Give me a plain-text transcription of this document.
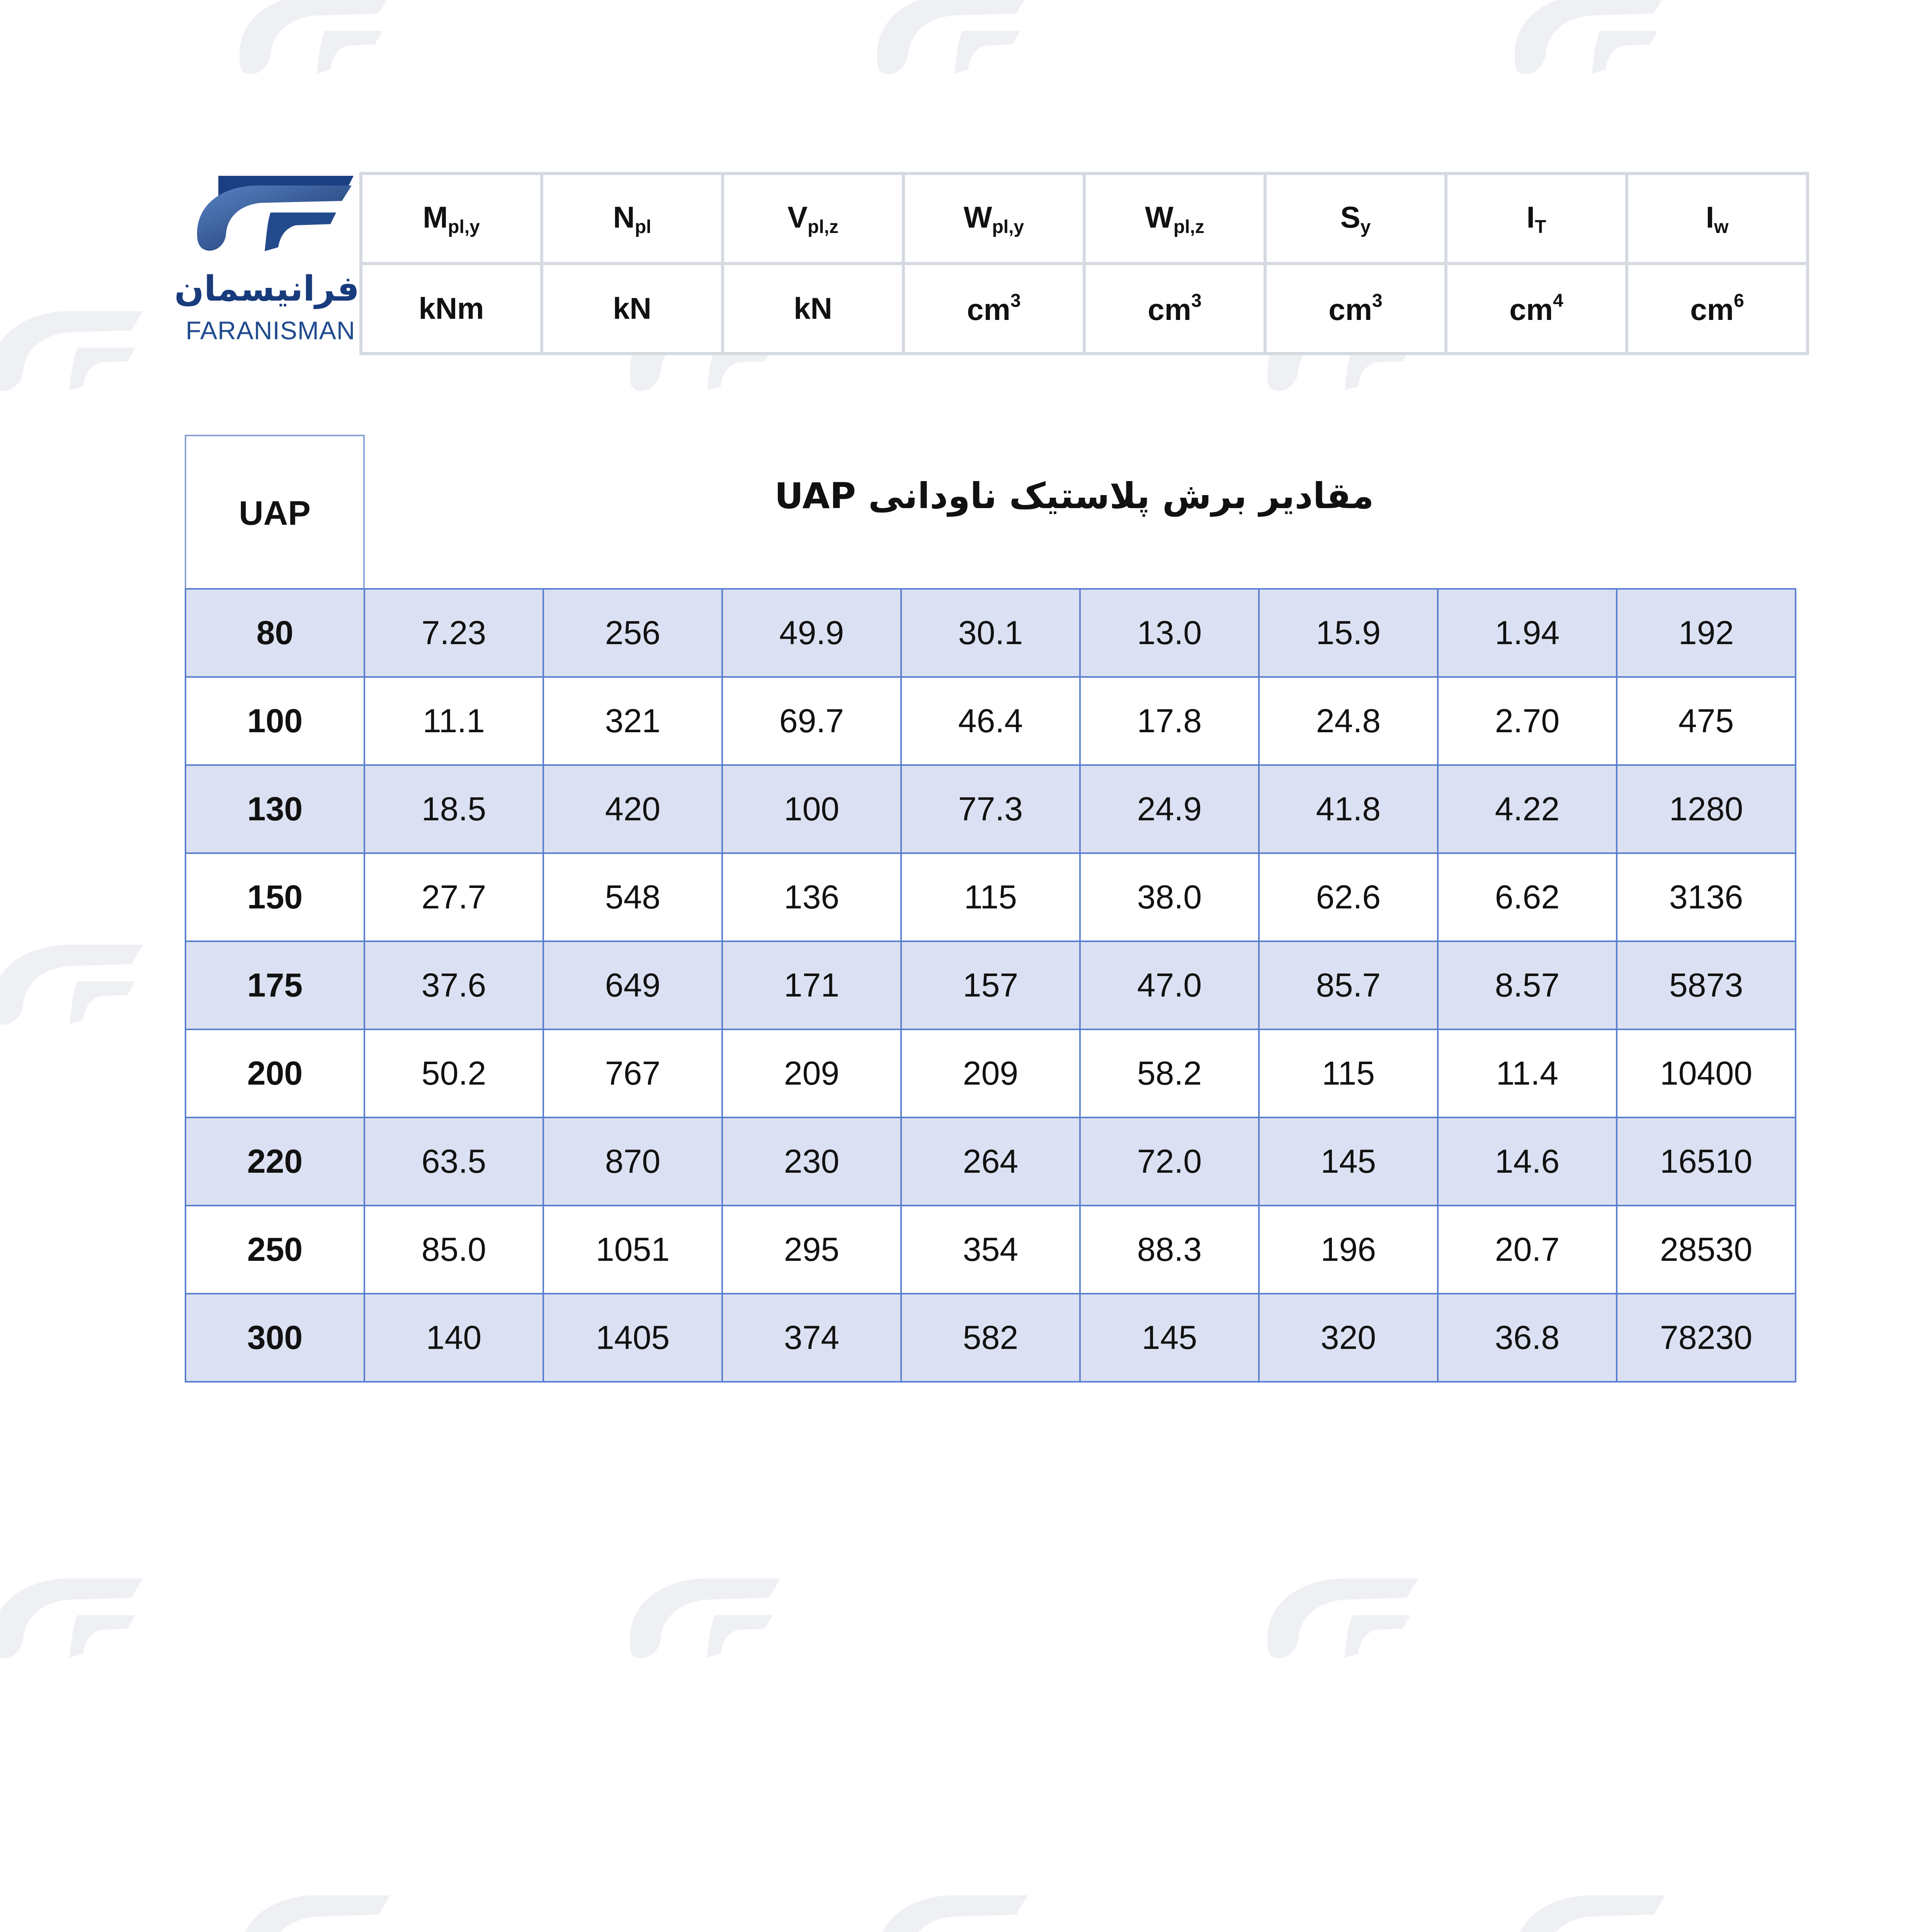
فرانیسمان
FARANISMAN
$M_{pl,y}$	$N_{pl}$	$V_{pl,z}$	$W_{pl,y}$	$W_{pl,z}$	$S_y$	$I_T$	$I_w$
kNm	kN	kN	$cm^3$	$cm^3$	$cm^3$	$cm^4$	$cm^6$
UAP	مقادیر برش پلاستیک ناودانی UAP
80	7.23	256	49.9	30.1	13.0	15.9	1.94	192
100	11.1	321	69.7	46.4	17.8	24.8	2.70	475
130	18.5	420	100	77.3	24.9	41.8	4.22	1280
150	27.7	548	136	115	38.0	62.6	6.62	3136
175	37.6	649	171	157	47.0	85.7	8.57	5873
200	50.2	767	209	209	58.2	115	11.4	10400
220	63.5	870	230	264	72.0	145	14.6	16510
250	85.0	1051	295	354	88.3	196	20.7	28530
300	140	1405	374	582	145	320	36.8	78230
